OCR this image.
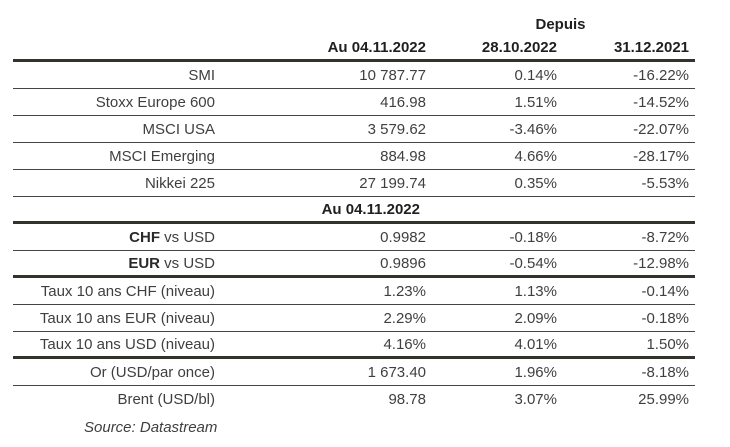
		Depuis	
	Au 04.11.2022	28.10.2022	31.12.2021
SMI	10 787.77	0.14%	-16.22%
Stoxx Europe 600	416.98	1.51%	-14.52%
MSCI USA	3 579.62	-3.46%	-22.07%
MSCI Emerging	884.98	4.66%	-28.17%
Nikkei 225	27 199.74	0.35%	-5.53%
Au 04.11.2022			
CHF vs USD	0.9982	-0.18%	-8.72%
EUR vs USD	0.9896	-0.54%	-12.98%
Taux 10 ans CHF (niveau)	1.23%	1.13%	-0.14%
Taux 10 ans EUR (niveau)	2.29%	2.09%	-0.18%
Taux 10 ans USD (niveau)	4.16%	4.01%	1.50%
Or (USD/par once)	1 673.40	1.96%	-8.18%
Brent (USD/bl)	98.78	3.07%	25.99%
Source: Datastream
